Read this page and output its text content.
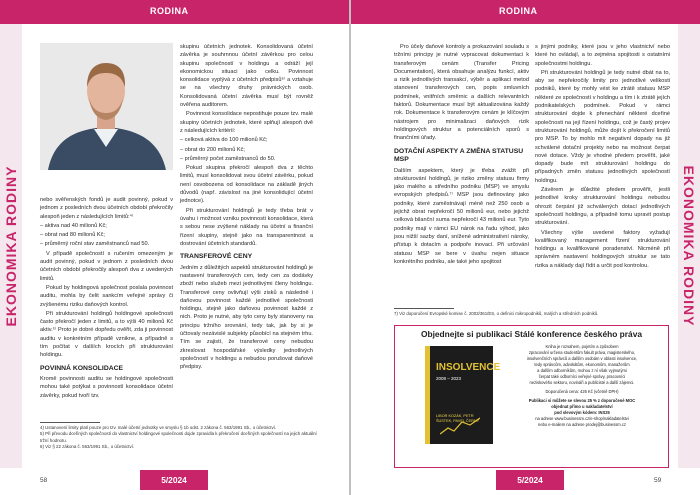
RODINA	RODINA
EKONOMIKA RODINY	EKONOMIKA RODINY

nebo svěřenských fondů je audit povinný, pokud v jednom z posledních dvou účetních období překročily alespoň jeden z následujících limitů:⁴⁾

– aktiva nad 40 milionů Kč;

– obrat nad 80 milionů Kč;

– průměrný roční stav zaměstnanců nad 50.

V případě společností s ručením omezeným je audit povinný, pokud v jednom z posledních dvou účetních období překročily alespoň dva z uvedených limitů.

Pokud by holdingová společnost poslala povinnost auditu, mohla by čelit sankcím veřejné správy či zvýšenému riziku daňových kontrol.

Při strukturování holdingů holdingové společnosti často překročí jeden z limitů, a to výši 40 milionů Kč aktiv.⁵⁾ Proto je dobré dopředu ověřit, zda ji povinnost auditu v konkrétním případě vznikne, a případně s tím počítat v dalších krocích při strukturování holdingu.

POVINNÁ KONSOLIDACE

Kromě povinnosti auditu se holdingové společnosti mohou také potýkat s povinností konsolidace účetní závěrky, pokud tvoří tzv.

skupinu účetních jednotek. Konsolidovaná účetní závěrka je souhrnnou účetní závěrkou pro celou skupinu společností v holdingu a odráží její ekonomickou situaci jako celku. Povinnost konsolidace vyplývá z účetních předpisů⁶⁾ a vztahuje se na všechny druhy právnických osob. Konsolidovaná účetní závěrka musí být rovněž ověřena auditorem.

Povinnost konsolidace nepostihuje pouze tzv. malé skupiny účetních jednotek, které splňují alespoň dvě z následujících kritérií:

– celková aktiva do 100 milionů Kč;

– obrat do 200 milionů Kč;

– průměrný počet zaměstnanců do 50.

Pokud skupina překročí alespoň dva z těchto limitů, musí konsolidovat svou účetní závěrku, pokud není osvobozena od konsolidace na základě jiných důvodů (např. závislost na jiné konsolidující účetní jednotce).

Při strukturování holdingů je tedy třeba brát v úvahu i možnost vzniku povinnosti konsolidace, která s sebou nese zvýšené náklady na účetní a finanční řízení skupiny, stejně jako na transparentnost a dostrování účetních standardů.

TRANSFEROVÉ CENY

Jedním z důležitých aspektů strukturování holdingů je nastavení transferových cen, tedy cen za dodávky zboží nebo služeb mezi jednotlivými členy holdingu. Transferové ceny ovlivňují výši zisků a následně i daňovou povinnost každé jednotlivé společnosti holdingu, stejně jako daňovou povinnost každé z nich. Proto je nutné, aby tyto ceny byly stanoveny na principu tržního srovnání, tedy tak, jak by si je účtovaly nezávislé subjekty působící na stejném trhu. Tím se zajistí, že transferové ceny nebudou zkreslovat hospodářské výsledky jednotlivých společností v holdingu a nebudou porušovat daňové předpisy.

4) Ustanovení limity platí pouze pro tzv. malé účetní jednotky ve smyslu § 1b odst. 2 zákona č. 563/1991 Sb., o účetnictví.
5) Při převodu dceřiných společností do vlastnictví holdingové společnosti dojde zpravidla k překročení dceřiných společností na jejich aktuální tržní hodnotu.
6) Viz § 22 zákona č. 563/1991 Sb., o účetnictví.

Pro účely daňové kontroly a prokazování souladu s tržními principy je nutné vypracovat dokumentaci k transferovým cenám (Transfer Pricing Documentation), která obsahuje analýzu funkcí, aktiv a rizik jednotlivých transakcí, výběr a aplikaci metod stanovení transferových cen, popis smluvních podmínek, vnitřních směrnic a dalších relevantních faktorů. Dokumentace musí být aktualizována každý rok. Dokumentace k transferovým cenám je klíčovým nástrojem pro minimalizaci daňových rizik holdingových struktur a potenciálních sporů s finančními úřady.

DOTAČNÍ ASPEKTY A ZMĚNA STATUSU MSP

Dalším aspektem, který je třeba zvážit při strukturování holdingů, je riziko změny statusu firmy jako malého a středního podniku (MSP) ve smyslu evropských předpisů.⁷⁾ MSP jsou definovány jako podniky, které zaměstnávají méně než 250 osob a jejichž obrat nepřekročí 50 milionů eur, nebo jejichž celková bilanční suma nepřekročí 43 milionů eur. Tyto podniky mají v rámci EU nárok na řadu výhod, jako jsou nižší sazby daní, snížené administrativní nároky, přístup k dotacím a podpoře inovací. Při určování statusu MSP se bere v úvahu nejen situace konkrétního podniku, ale také jeho spojitost

s jinými podniky, které jsou v jeho vlastnictví nebo které ho ovládají, a to zejména spojitosti s ostatními společnostmi holdingu.

Při strukturování holdingů je tedy nutné dbát na to, aby se nepřekročily limity pro jednotlivé velikosti podniků, které by mohly vést ke ztrátě statusu MSP některé ze společností v holdingu a tím i k ztrátě jejích podnikatelských podmínek. Pokud v rámci strukturování dojde k přenechání některé dceřiné společnosti na její řízení holdingu, což je častý projev strukturování holdingů, může dojít k překročení limitů pro MSP. To by mohlo mít negativní dopady na již schválené dotační projekty nebo na možnost čerpat nové dotace. Vždy je vhodné předem prověřit, jaké dopady bude mít strukturování holdingu do případných změn statusu jednotlivých společností holdingu.

Závěrem je důležité předem prověřit, jestli jednotlivé kroky strukturování holdingu nebudou ohrozit čerpání již schválených dotací jednotlivých společností holdingu, a případně tomu upravit postup strukturování.

Všechny výše uvedené faktory vyžadují kvalifikovaný management řízení strukturování holdingu a kvalifikované poradenství. Nicméně při správném nastavení holdingových struktur se tato rizika a náklady dají řídit a určit pod kontrolou.

7) Viz doporučení Evropské komise č. 2003/361/ES, o definici mikropodniků, malých a středních podniků.
Objednejte si publikaci Stálé konference českého práva
INSOLVENCE
2008 – 2023
LIBOR KOZÁK, PETR ŠUSTEK, PAVEL ČERNÝ
Kniha je rozsahem, pojetím a způsobem
zpracování určena studentům fakult práva, magisterského,
insolvenčních správců a dalším osobám v oblasti insolvence,
tedy správcům, advokátům, ekonomům, manažerům
a dalším odborníkům, mohou z ní však vyjmutými
čerpat také odborníci veřejné správy, pracovníci
neziskového sektoru, novináři a publicisté a další zájemci.
Doporučená cena: 426 Kč (včetně DPH)
Publikaci si můžete se slevou 25 % z doporučené MOC
objednat přímo u nakladatelství
pod slevovým kódem: INS25
na adrese www.businessm.cz/e-shop/nakladatelstvi
nebo e-mailem na adrese prodej@businessm.cz
58	5/2024	5/2024	59
